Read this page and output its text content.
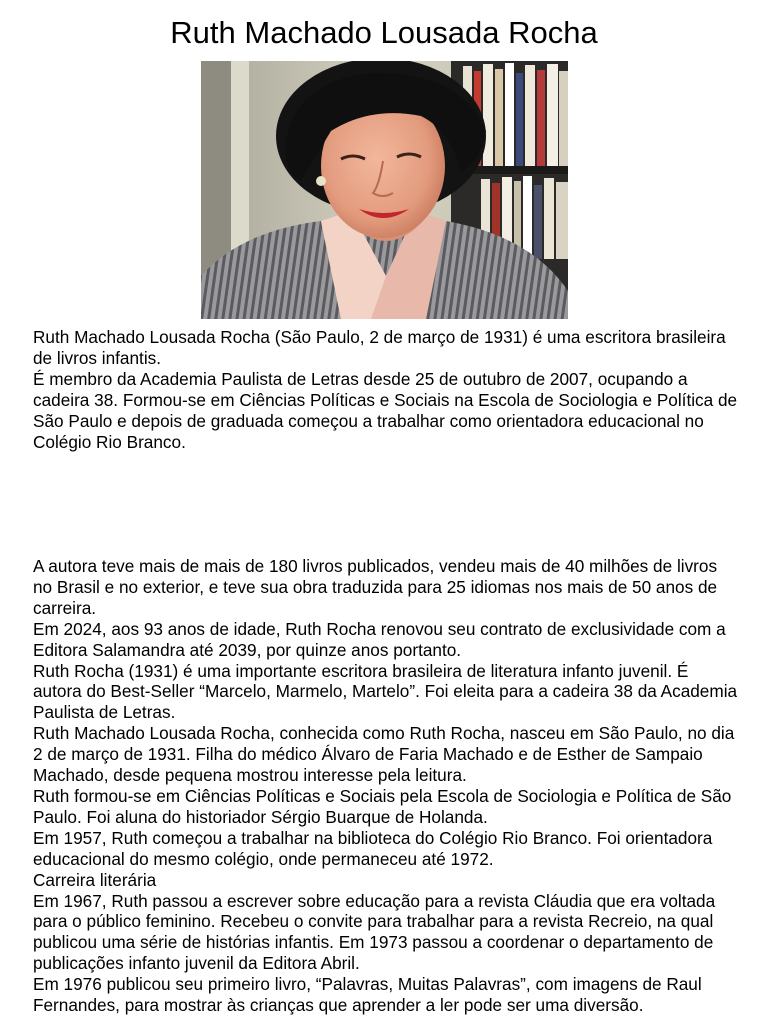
Ruth Machado Lousada Rocha

Ruth Machado Lousada Rocha (São Paulo, 2 de março de 1931) é uma escritora brasileira de livros infantis.

É membro da Academia Paulista de Letras desde 25 de outubro de 2007, ocupando a cadeira 38. Formou-se em Ciências Políticas e Sociais na Escola de Sociologia e Política de São Paulo e depois de graduada começou a trabalhar como orientadora educacional no Colégio Rio Branco.

A autora teve mais de mais de 180 livros publicados, vendeu mais de 40 milhões de livros no Brasil e no exterior, e teve sua obra traduzida para 25 idiomas nos mais de 50 anos de carreira.

Em 2024, aos 93 anos de idade, Ruth Rocha renovou seu contrato de exclusividade com a Editora Salamandra até 2039, por quinze anos portanto.

Ruth Rocha (1931) é uma importante escritora brasileira de literatura infanto juvenil. É autora do Best-Seller “Marcelo, Marmelo, Martelo”. Foi eleita para a cadeira 38 da Academia Paulista de Letras.

Ruth Machado Lousada Rocha, conhecida como Ruth Rocha, nasceu em São Paulo, no dia 2 de março de 1931. Filha do médico Álvaro de Faria Machado e de Esther de Sampaio Machado, desde pequena mostrou interesse pela leitura.

Ruth formou-se em Ciências Políticas e Sociais pela Escola de Sociologia e Política de São Paulo. Foi aluna do historiador Sérgio Buarque de Holanda.

Em 1957, Ruth começou a trabalhar na biblioteca do Colégio Rio Branco. Foi orientadora educacional do mesmo colégio, onde permaneceu até 1972.

Carreira literária

Em 1967, Ruth passou a escrever sobre educação para a revista Cláudia que era voltada para o público feminino. Recebeu o convite para trabalhar para a revista Recreio, na qual publicou uma série de histórias infantis. Em 1973 passou a coordenar o departamento de publicações infanto juvenil da Editora Abril.

Em 1976 publicou seu primeiro livro, “Palavras, Muitas Palavras”, com imagens de Raul Fernandes, para mostrar às crianças que aprender a ler pode ser uma diversão.
